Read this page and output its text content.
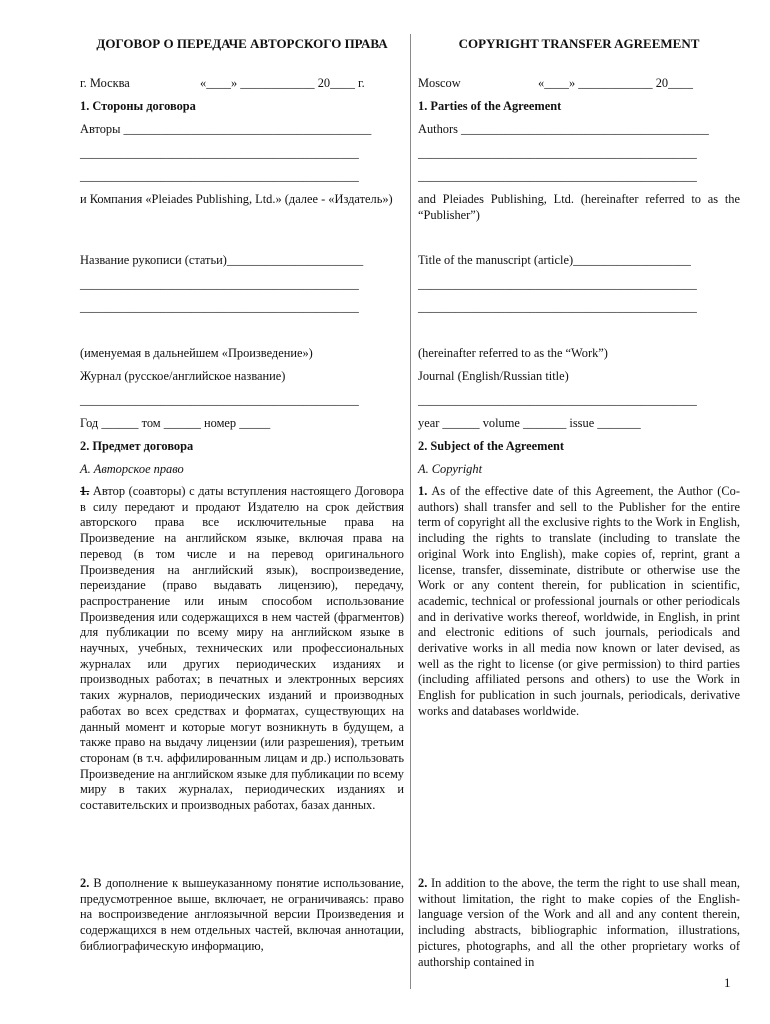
ДОГОВОР О ПЕРЕДАЧЕ АВТОРСКОГО ПРАВА
г. Москва	«____» ____________ 20____ г.
1. Стороны договора
Авторы ________________________________________
_____________________________________________
_____________________________________________
и Компания «Pleiades Publishing, Ltd.» (далее - «Издатель»)
Название рукописи (статьи)______________________
_____________________________________________
_____________________________________________
(именуемая в дальнейшем «Произведение»)
Журнал (русское/английское название)
_____________________________________________
Год ______ том ______ номер _____
2. Предмет договора
А. Авторское право
1. Автор (соавторы) с даты вступления настоящего Договора в силу передают и продают Издателю на срок действия авторского права все исключительные права на Произведение на английском языке, включая права на перевод (в том числе и на перевод оригинального Произведения на английский язык), воспроизведение, переиздание (право выдавать лицензию), передачу, распространение или иным способом использование Произведения или содержащихся в нем частей (фрагментов) для публикации по всему миру на английском языке в научных, учебных, технических или профессиональных журналах или других периодических изданиях и производных работах; в печатных и электронных версиях таких журналов, периодических изданий и производных работах во всех средствах и форматах, существующих на данный момент и которые могут возникнуть в будущем, а также право на выдачу лицензии (или разрешения), третьим сторонам (в т.ч. аффилированным лицам и др.) использовать Произведение на английском языке для публикации по всему миру в таких журналах, периодических изданиях и составительских и производных работах, базах данных.
2. В дополнение к вышеуказанному понятие использование, предусмотренное выше, включает, не ограничиваясь: право на воспроизведение англоязычной версии Произведения и содержащихся в нем отдельных частей, включая аннотации, библиографическую информацию,
COPYRIGHT TRANSFER AGREEMENT
Moscow	«____» ____________ 20____
1. Parties of the Agreement
Authors ________________________________________
_____________________________________________
_____________________________________________
and Pleiades Publishing, Ltd. (hereinafter referred to as the “Publisher”)
Title of the manuscript (article)___________________
_____________________________________________
_____________________________________________
(hereinafter referred to as the “Work”)
Journal (English/Russian title)
_____________________________________________
year ______ volume _______ issue _______
2. Subject of the Agreement
A. Copyright
1. As of the effective date of this Agreement, the Author (Co-authors) shall transfer and sell to the Publisher for the entire term of copyright all the exclusive rights to the Work in English, including the rights to translate (including to translate the original Work into English), make copies of, reprint, grant a license, transfer, disseminate, distribute or otherwise use the Work or any content therein, for publication in scientific, academic, technical or professional journals or other periodicals and in derivative works thereof, worldwide, in English, in print and electronic editions of such journals, periodicals and derivative works in all media now known or later devised, as well as the right to license (or give permission) to third parties (including affiliated persons and others) to use the Work in English for publication in such journals, periodicals, derivative works and databases worldwide.
2. In addition to the above, the term the right to use shall mean, without limitation, the right to make copies of the English-language version of the Work and all and any content therein, including abstracts, bibliographic information, illustrations, pictures, photographs, and all the other proprietary works of authorship contained in
1
